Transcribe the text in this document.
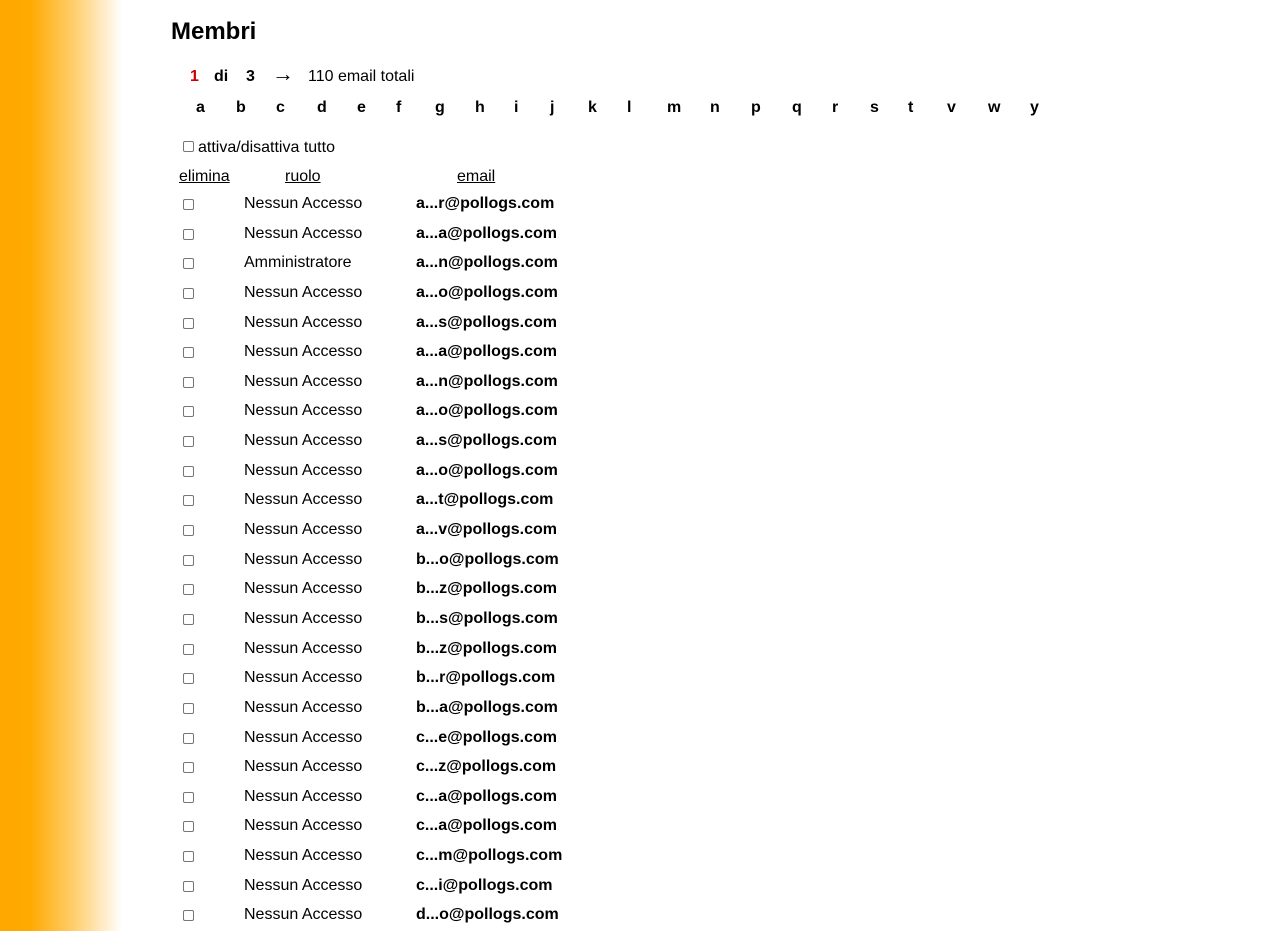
Membri
1 di 3 → 110 email totali
a	b	c	d	e	f	g	h	i	j	k	l	m	n	p	q	r	s	t	v	w	y
attiva/disattiva tutto
elimina	ruolo	email
Nessun Accesso	a...r@pollogs.com
Nessun Accesso	a...a@pollogs.com
Amministratore	a...n@pollogs.com
Nessun Accesso	a...o@pollogs.com
Nessun Accesso	a...s@pollogs.com
Nessun Accesso	a...a@pollogs.com
Nessun Accesso	a...n@pollogs.com
Nessun Accesso	a...o@pollogs.com
Nessun Accesso	a...s@pollogs.com
Nessun Accesso	a...o@pollogs.com
Nessun Accesso	a...t@pollogs.com
Nessun Accesso	a...v@pollogs.com
Nessun Accesso	b...o@pollogs.com
Nessun Accesso	b...z@pollogs.com
Nessun Accesso	b...s@pollogs.com
Nessun Accesso	b...z@pollogs.com
Nessun Accesso	b...r@pollogs.com
Nessun Accesso	b...a@pollogs.com
Nessun Accesso	c...e@pollogs.com
Nessun Accesso	c...z@pollogs.com
Nessun Accesso	c...a@pollogs.com
Nessun Accesso	c...a@pollogs.com
Nessun Accesso	c...m@pollogs.com
Nessun Accesso	c...i@pollogs.com
Nessun Accesso	d...o@pollogs.com
